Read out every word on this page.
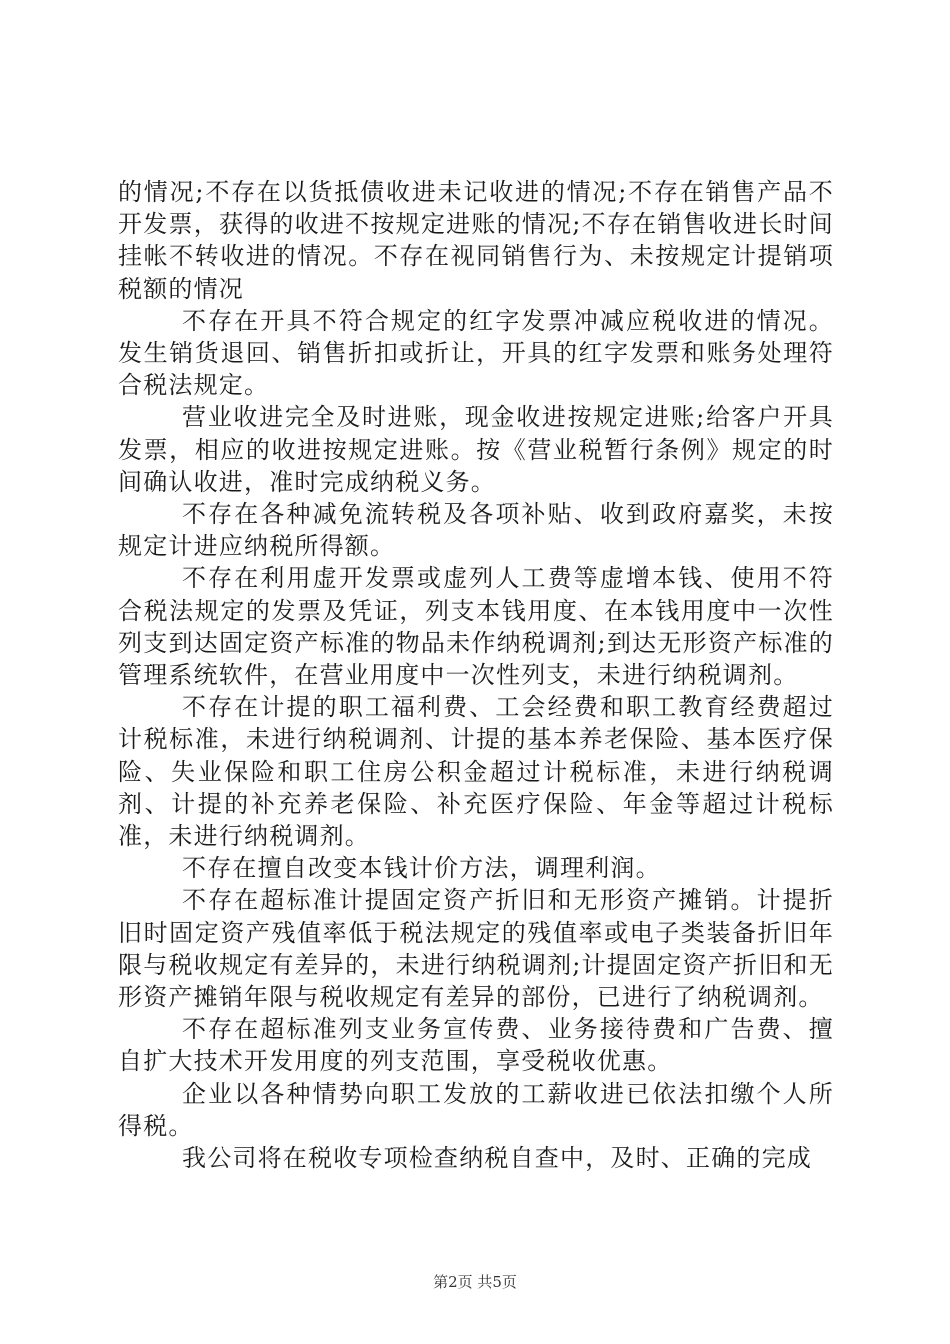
的情况;不存在以货抵债收进未记收进的情况;不存在销售产品不开发票，获得的收进不按规定进账的情况;不存在销售收进长时间挂帐不转收进的情况。不存在视同销售行为、未按规定计提销项税额的情况

不存在开具不符合规定的红字发票冲减应税收进的情况。发生销货退回、销售折扣或折让，开具的红字发票和账务处理符合税法规定。

营业收进完全及时进账，现金收进按规定进账;给客户开具发票，相应的收进按规定进账。按《营业税暂行条例》规定的时间确认收进，准时完成纳税义务。

不存在各种减免流转税及各项补贴、收到政府嘉奖，未按规定计进应纳税所得额。

不存在利用虚开发票或虚列人工费等虚增本钱、使用不符合税法规定的发票及凭证，列支本钱用度、在本钱用度中一次性列支到达固定资产标准的物品未作纳税调剂;到达无形资产标准的管理系统软件，在营业用度中一次性列支，未进行纳税调剂。

不存在计提的职工福利费、工会经费和职工教育经费超过计税标准，未进行纳税调剂、计提的基本养老保险、基本医疗保险、失业保险和职工住房公积金超过计税标准，未进行纳税调剂、计提的补充养老保险、补充医疗保险、年金等超过计税标准，未进行纳税调剂。

不存在擅自改变本钱计价方法，调理利润。

不存在超标准计提固定资产折旧和无形资产摊销。计提折旧时固定资产残值率低于税法规定的残值率或电子类装备折旧年限与税收规定有差异的，未进行纳税调剂;计提固定资产折旧和无形资产摊销年限与税收规定有差异的部份，已进行了纳税调剂。

不存在超标准列支业务宣传费、业务接待费和广告费、擅自扩大技术开发用度的列支范围，享受税收优惠。

企业以各种情势向职工发放的工薪收进已依法扣缴个人所得税。

我公司将在税收专项检查纳税自查中，及时、正确的完成

第2页 共5页
